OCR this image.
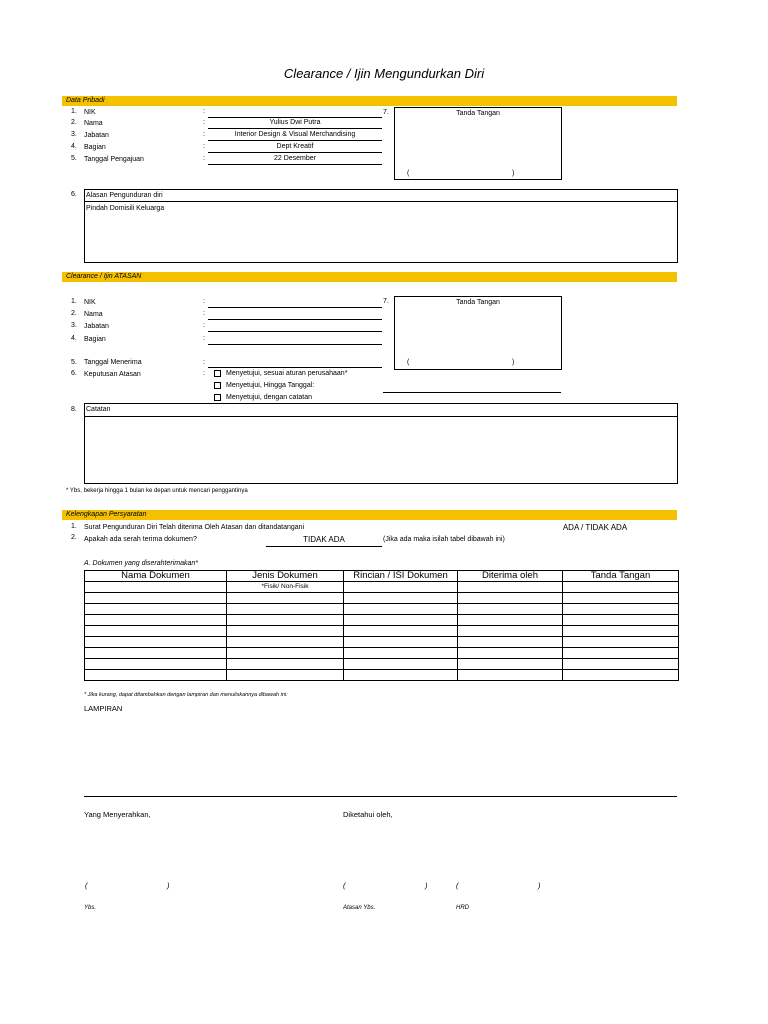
Clearance / Ijin Mengundurkan Diri
Data Pribadi
1. NIK	:
2. Nama	:	Yulius Dwi Putra
3. Jabatan	:	Interior Design & Visual Merchandising
4. Bagian	:	Dept Kreatif
5. Tanggal Pengajuan	:	22 Desember
7.	Tanda Tangan
(	)
6. Alasan Pengunduran diri
Pindah Domisili Keluarga
Clearance / Ijin ATASAN
1. NIK	:
2. Nama	:
3. Jabatan	:
4. Bagian	:
5. Tanggal Menerima	:
6. Keputusan Atasan	:	Menyetujui, sesuai aturan perusahaan*
Menyetujui, Hingga Tanggal:
Menyetujui, dengan catatan
7.	Tanda Tangan
(	)
8. Catatan
* Ybs, bekerja hingga 1 bulan ke depan untuk mencari penggantinya
Kelengkapan Persyaratan
1. Surat Pengunduran Diri Telah diterima Oleh Atasan dan ditandatangani	ADA / TIDAK ADA
2. Apakah ada serah terima dokumen?	TIDAK ADA	(Jika ada maka isilah tabel dibawah ini)
A. Dokumen yang diserahterimakan*
Nama Dokumen	Jenis Dokumen	Rincian / ISI Dokumen	Diterima oleh	Tanda Tangan
	*Fisik/ Non-Fisik			

* Jika kurang, dapat ditambahkan dengan lampiran dan menuliskannya dibawah ini:
LAMPIRAN
Yang Menyerahkan,	Diketahui oleh,
(	)	(	)	(	)
Ybs.	Atasan Ybs.	HRD
